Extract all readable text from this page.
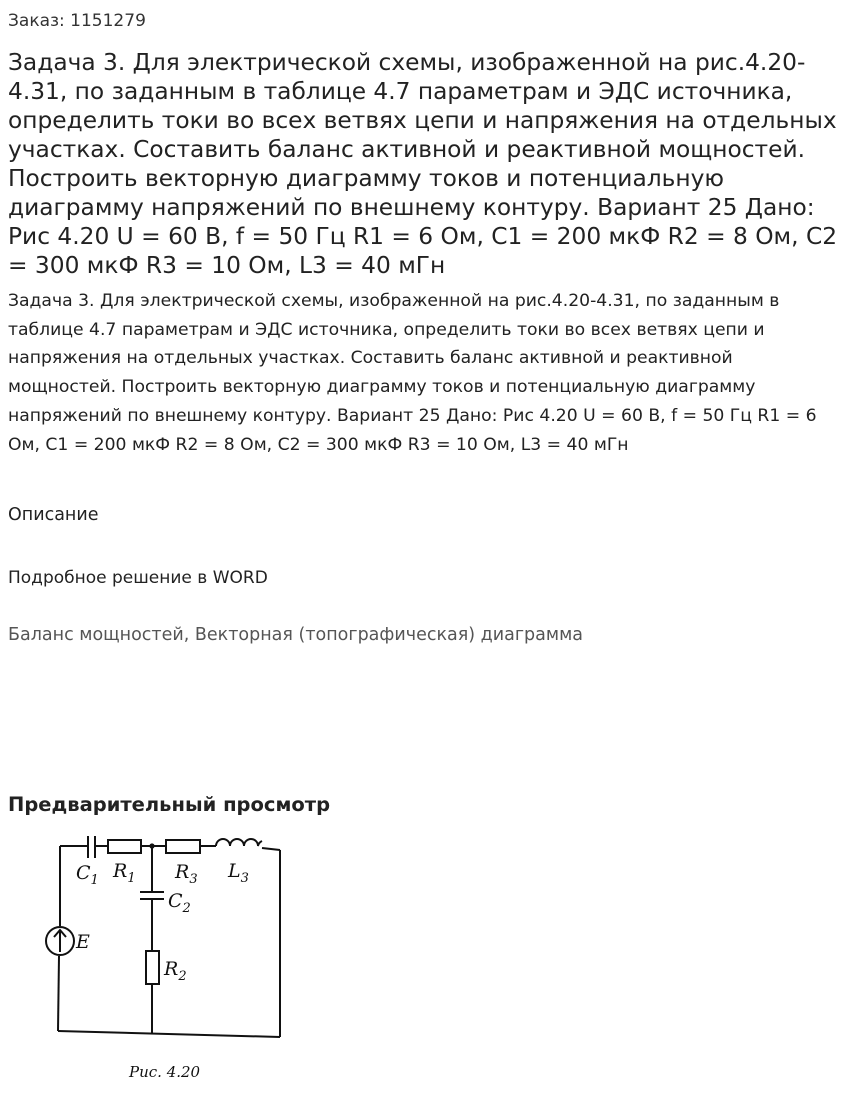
Заказ: 1151279
Задача 3. Для электрической схемы, изображенной на рис.4.20-4.31, по заданным в таблице 4.7 параметрам и ЭДС источника, определить токи во всех ветвях цепи и напряжения на отдельных участках. Составить баланс активной и реактивной мощностей. Построить векторную диаграмму токов и потенциальную диаграмму напряжений по внешнему контуру. Вариант 25 Дано: Рис 4.20 U = 60 В, f = 50 Гц R1 = 6 Ом, C1 = 200 мкФ R2 = 8 Ом, C2 = 300 мкФ R3 = 10 Ом, L3 = 40 мГн

Задача 3. Для электрической схемы, изображенной на рис.4.20-4.31, по заданным в таблице 4.7 параметрам и ЭДС источника, определить токи во всех ветвях цепи и напряжения на отдельных участках. Составить баланс активной и реактивной мощностей. Построить векторную диаграмму токов и потенциальную диаграмму напряжений по внешнему контуру. Вариант 25 Дано: Рис 4.20 U = 60 В, f = 50 Гц R1 = 6 Ом, C1 = 200 мкФ R2 = 8 Ом, C2 = 300 мкФ R3 = 10 Ом, L3 = 40 мГн

Описание
Подробное решение в WORD
Баланс мощностей, Векторная (топографическая) диаграмма
Предварительный просмотр
$C_1$ $R_1$ $R_3$ $L_3$
$C_2$
$R_2$
E
Рис. 4.20
